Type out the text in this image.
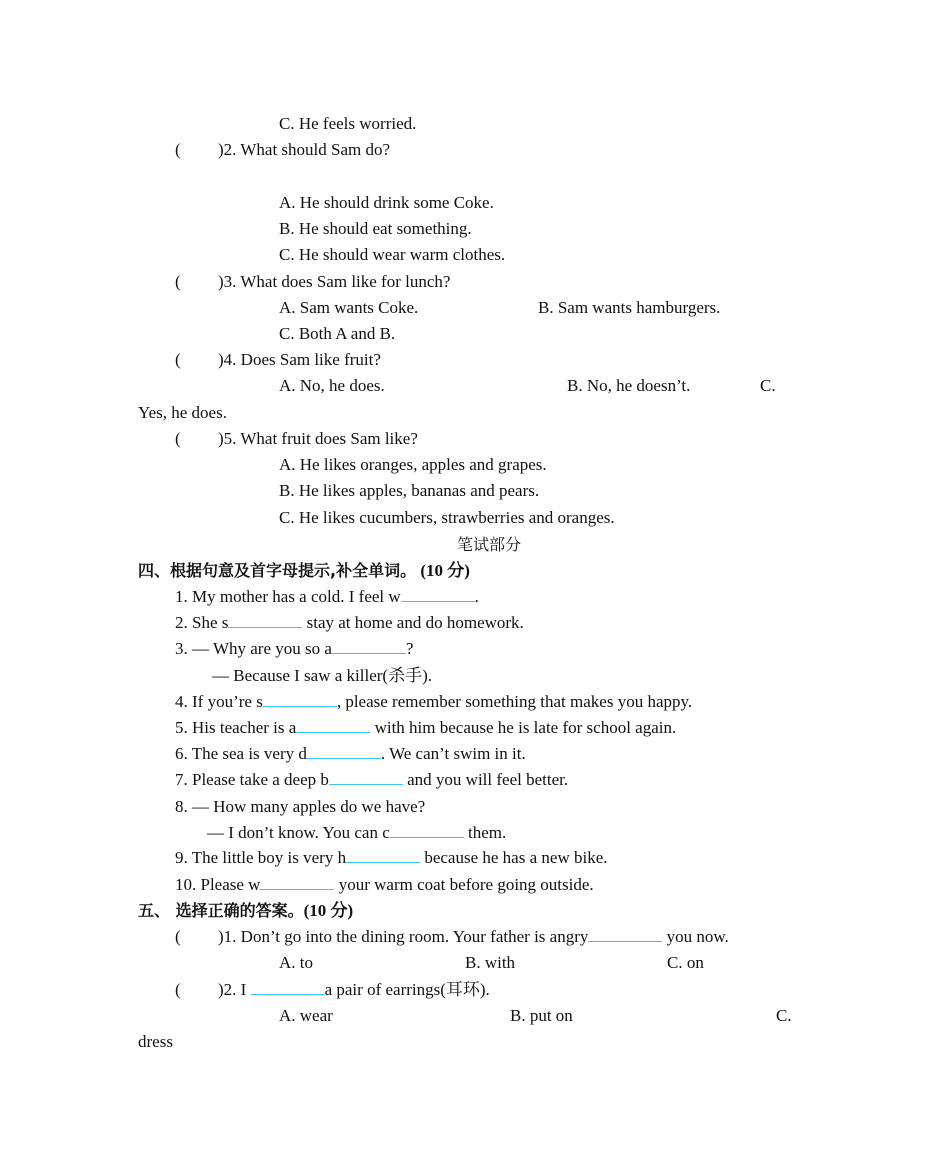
C. He feels worried.
( )2. What should Sam do?
A. He should drink some Coke.
B. He should eat something.
C. He should wear warm clothes.
( )3. What does Sam like for lunch?
A. Sam wants Coke.	B. Sam wants hamburgers.
C. Both A and B.
( )4. Does Sam like fruit?
A. No, he does.	B. No, he doesn’t.	C.
Yes, he does.
( )5. What fruit does Sam like?
A. He likes oranges, apples and grapes.
B. He likes apples, bananas and pears.
C. He likes cucumbers, strawberries and oranges.
笔试部分
四、根据句意及首字母提示,补全单词。 (10 分)
1. My mother has a cold. I feel w	.
2. She s	stay at home and do homework.
3. — Why are you so a	?
— Because I saw a killer(杀手).
4. If you’re s	, please remember something that makes you happy.
5. His teacher is a	with him because he is late for school again.
6. The sea is very d	. We can’t swim in it.
7. Please take a deep b	and you will feel better.
8. — How many apples do we have?
— I don’t know. You can c	them.
9. The little boy is very h	because he has a new bike.
10. Please w	your warm coat before going outside.
五、 选择正确的答案。(10 分)
( )1. Don’t go into the dining room. Your father is angry	you now.
A. to	B. with	C. on
( )2. I	a pair of earrings(耳环).
A. wear	B. put on	C.
dress
